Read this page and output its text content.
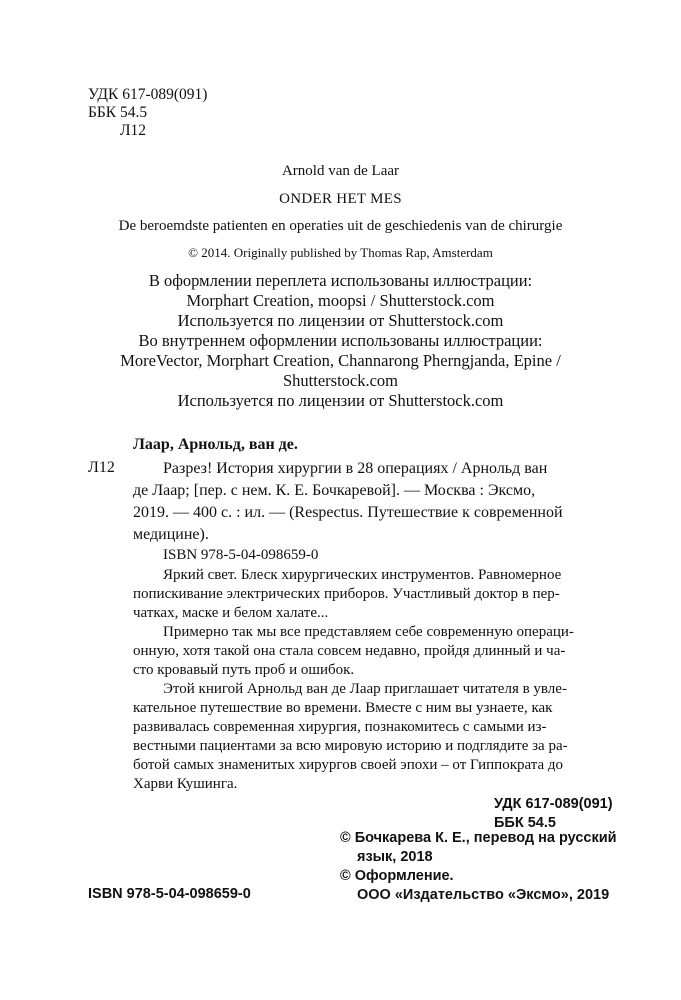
УДК 617-089(091)
ББК 54.5
Л12
Arnold van de Laar
ONDER HET MES
De beroemdste patienten en operaties uit de geschiedenis van de chirurgie
© 2014. Originally published by Thomas Rap, Amsterdam
В оформлении переплета использованы иллюстрации:
Morphart Creation, moopsi / Shutterstock.com
Используется по лицензии от Shutterstock.com
Во внутреннем оформлении использованы иллюстрации:
MoreVector, Morphart Creation, Channarong Pherngjanda, Epine /
Shutterstock.com
Используется по лицензии от Shutterstock.com
Лаар, Арнольд, ван де.
Л12	Разрез! История хирургии в 28 операциях / Арнольд ван
де Лаар; [пер. с нем. К. Е. Бочкаревой]. — Москва : Эксмо,
2019. — 400 с. : ил. — (Respectus. Путешествие к современной
медицине).
ISBN 978-5-04-098659-0
Яркий свет. Блеск хирургических инструментов. Равномерное
попискивание электрических приборов. Участливый доктор в пер-
чатках, маске и белом халате...
Примерно так мы все представляем себе современную операци-
онную, хотя такой она стала совсем недавно, пройдя длинный и ча-
сто кровавый путь проб и ошибок.
Этой книгой Арнольд ван де Лаар приглашает читателя в увле-
кательное путешествие во времени. Вместе с ним вы узнаете, как
развивалась современная хирургия, познакомитесь с самыми из-
вестными пациентами за всю мировую историю и подглядите за ра-
ботой самых знаменитых хирургов своей эпохи – от Гиппократа до
Харви Кушинга.
УДК 617-089(091)
ББК 54.5
© Бочкарева К. Е., перевод на русский
язык, 2018
© Оформление.
ООО «Издательство «Эксмо», 2019
ISBN 978-5-04-098659-0
